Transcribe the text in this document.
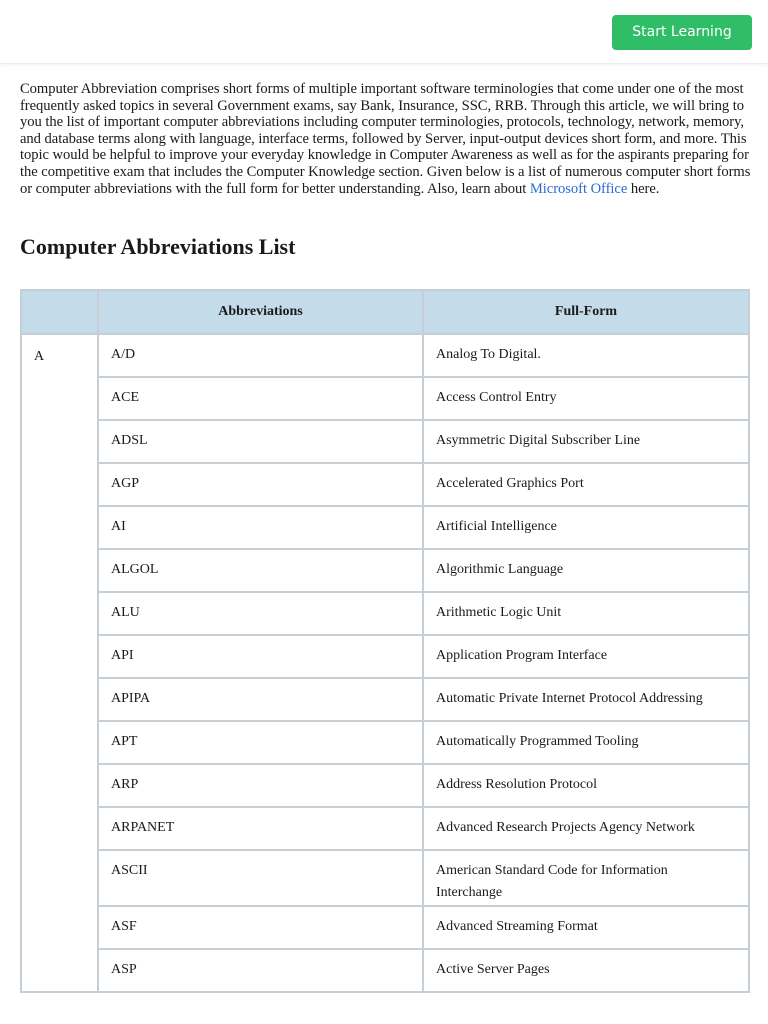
Start Learning

Computer Abbreviation comprises short forms of multiple important software terminologies that come under one of the most frequently asked topics in several Government exams, say Bank, Insurance, SSC, RRB. Through this article, we will bring to you the list of important computer abbreviations including computer terminologies, protocols, technology, network, memory, and database terms along with language, interface terms, followed by Server, input-output devices short form, and more. This topic would be helpful to improve your everyday knowledge in Computer Awareness as well as for the aspirants preparing for the competitive exam that includes the Computer Knowledge section. Given below is a list of numerous computer short forms or computer abbreviations with the full form for better understanding. Also, learn about Microsoft Office here.

Computer Abbreviations List
	Abbreviations	Full-Form
A	A/D	Analog To Digital.
	ACE	Access Control Entry
	ADSL	Asymmetric Digital Subscriber Line
	AGP	Accelerated Graphics Port
	AI	Artificial Intelligence
	ALGOL	Algorithmic Language
	ALU	Arithmetic Logic Unit
	API	Application Program Interface
	APIPA	Automatic Private Internet Protocol Addressing
	APT	Automatically Programmed Tooling
	ARP	Address Resolution Protocol
	ARPANET	Advanced Research Projects Agency Network
	ASCII	American Standard Code for Information Interchange
	ASF	Advanced Streaming Format
	ASP	Active Server Pages
